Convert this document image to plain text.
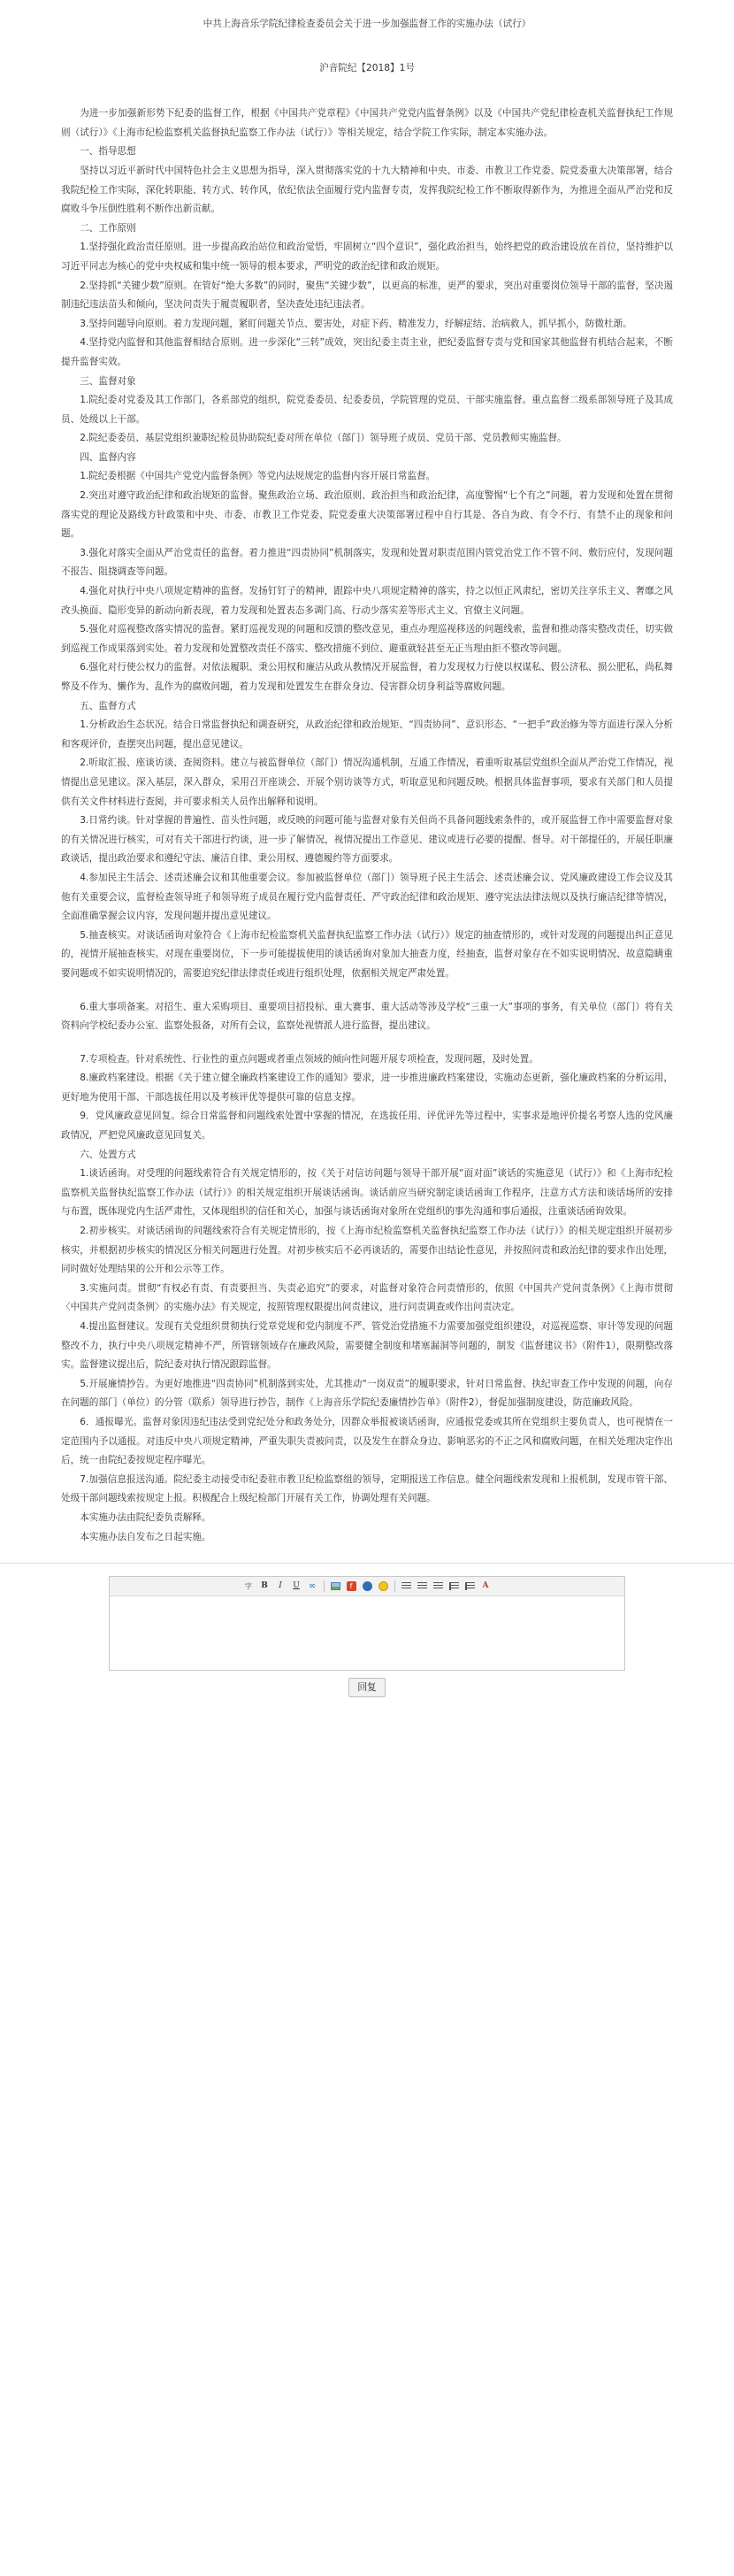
中共上海音乐学院纪律检查委员会关于进一步加强监督工作的实施办法（试行）
沪音院纪【2018】1号

为进一步加强新形势下纪委的监督工作，根据《中国共产党章程》《中国共产党党内监督条例》以及《中国共产党纪律检查机关监督执纪工作规则（试行）》《上海市纪检监察机关监督执纪监察工作办法（试行）》等相关规定，结合学院工作实际，制定本实施办法。

一、指导思想

坚持以习近平新时代中国特色社会主义思想为指导，深入贯彻落实党的十九大精神和中央、市委、市教卫工作党委、院党委重大决策部署，结合我院纪检工作实际，深化转职能、转方式、转作风，依纪依法全面履行党内监督专责，发挥我院纪检工作不断取得新作为，为推进全面从严治党和反腐败斗争压倒性胜利不断作出新贡献。

二、工作原则

1.坚持强化政治责任原则。进一步提高政治站位和政治觉悟，牢固树立“四个意识”，强化政治担当，始终把党的政治建设放在首位，坚持维护以习近平同志为核心的党中央权威和集中统一领导的根本要求，严明党的政治纪律和政治规矩。

2.坚持抓“关键少数”原则。在管好“绝大多数”的同时，聚焦“关键少数”，以更高的标准，更严的要求，突出对重要岗位领导干部的监督，坚决遏制违纪违法苗头和倾向，坚决问责失于履责履职者，坚决查处违纪违法者。

3.坚持问题导向原则。着力发现问题，紧盯问题关节点、要害处，对症下药、精准发力，纾解症结、治病救人，抓早抓小，防微杜渐。

4.坚持党内监督和其他监督相结合原则。进一步深化“三转”成效，突出纪委主责主业，把纪委监督专责与党和国家其他监督有机结合起来，不断提升监督实效。

三、监督对象

1.院纪委对党委及其工作部门，各系部党的组织，院党委委员、纪委委员，学院管理的党员、干部实施监督。重点监督二级系部领导班子及其成员、处级以上干部。

2.院纪委委员、基层党组织兼职纪检员协助院纪委对所在单位（部门）领导班子成员、党员干部、党员教师实施监督。

四、监督内容

1.院纪委根据《中国共产党党内监督条例》等党内法规规定的监督内容开展日常监督。

2.突出对遵守政治纪律和政治规矩的监督。聚焦政治立场、政治原则、政治担当和政治纪律，高度警惕“七个有之”问题，着力发现和处置在贯彻落实党的理论及路线方针政策和中央、市委、市教卫工作党委、院党委重大决策部署过程中自行其是、各自为政、有令不行、有禁不止的现象和问题。

3.强化对落实全面从严治党责任的监督。着力推进“四责协同”机制落实，发现和处置对职责范围内管党治党工作不管不问、敷衍应付，发现问题不报告、阻挠调查等问题。

4.强化对执行中央八项规定精神的监督。发扬钉钉子的精神，跟踪中央八项规定精神的落实，持之以恒正风肃纪，密切关注享乐主义、奢靡之风改头换面、隐形变异的新动向新表现，着力发现和处置表态多调门高、行动少落实差等形式主义、官僚主义问题。

5.强化对巡视整改落实情况的监督。紧盯巡视发现的问题和反馈的整改意见，重点办理巡视移送的问题线索，监督和推动落实整改责任，切实做到巡视工作成果落到实处。着力发现和处置整改责任不落实、整改措施不到位、避重就轻甚至无正当理由拒不整改等问题。

6.强化对行使公权力的监督。对依法履职、秉公用权和廉洁从政从教情况开展监督，着力发现权力行使以权谋私、假公济私、损公肥私，尚私舞弊及不作为、懒作为、乱作为的腐败问题，着力发现和处置发生在群众身边、侵害群众切身利益等腐败问题。

五、监督方式

1.分析政治生态状况。结合日常监督执纪和调查研究，从政治纪律和政治规矩、“四责协同”、意识形态、“一把手”政治修为等方面进行深入分析和客观评价，查摆突出问题，提出意见建议。

2.听取汇报、座谈访谈、查阅资料。建立与被监督单位（部门）情况沟通机制，互通工作情况，着重听取基层党组织全面从严治党工作情况，视情提出意见建议。深入基层，深入群众，采用召开座谈会、开展个别访谈等方式，听取意见和问题反映。根据具体监督事项，要求有关部门和人员提供有关文件材料进行查阅，并可要求相关人员作出解释和说明。

3.日常约谈。针对掌握的普遍性、苗头性问题，或反映的问题可能与监督对象有关但尚不具备问题线索条件的，或开展监督工作中需要监督对象的有关情况进行核实，可对有关干部进行约谈，进一步了解情况，视情况提出工作意见、建议或进行必要的提醒、督导。对干部提任的，开展任职廉政谈话，提出政治要求和遵纪守法、廉洁自律、秉公用权、遵德履约等方面要求。

4.参加民主生活会、述责述廉会议和其他重要会议。参加被监督单位（部门）领导班子民主生活会、述责述廉会议、党风廉政建设工作会议及其他有关重要会议，监督检查领导班子和领导班子成员在履行党内监督责任、严守政治纪律和政治规矩、遵守宪法法律法规以及执行廉洁纪律等情况，全面准确掌握会议内容，发现问题并提出意见建议。

5.抽查核实。对谈话函询对象符合《上海市纪检监察机关监督执纪监察工作办法（试行）》规定的抽查情形的，或针对发现的问题提出纠正意见的，视情开展抽查核实。对现在重要岗位，下一步可能提拔使用的谈话函询对象加大抽查力度，经抽查，监督对象存在不如实说明情况、故意隐瞒重要问题或不如实说明情况的，需要追究纪律法律责任或进行组织处理，依据相关规定严肃处置。

6.重大事项备案。对招生、重大采购项目、重要项目招投标、重大赛事、重大活动等涉及学校“三重一大”事项的事务，有关单位（部门）将有关资料向学校纪委办公室、监察处报备，对所有会议，监察处视情派人进行监督，提出建议。

7.专项检查。针对系统性、行业性的重点问题或者重点领域的倾向性问题开展专项检查，发现问题，及时处置。

8.廉政档案建设。根据《关于建立健全廉政档案建设工作的通知》要求，进一步推进廉政档案建设，实施动态更新，强化廉政档案的分析运用，更好地为使用干部、干部选拔任用以及考核评优等提供可靠的信息支撑。

9．党风廉政意见回复。综合日常监督和问题线索处置中掌握的情况，在选拔任用、评优评先等过程中，实事求是地评价提名考察人选的党风廉政情况，严把党风廉政意见回复关。

六、处置方式

1.谈话函询。对受理的问题线索符合有关规定情形的，按《关于对信访问题与领导干部开展“面对面”谈话的实施意见（试行）》和《上海市纪检监察机关监督执纪监察工作办法（试行）》的相关规定组织开展谈话函询。谈话前应当研究制定谈话函询工作程序，注意方式方法和谈话场所的安排与布置，既体现党内生活严肃性，又体现组织的信任和关心，加强与谈话函询对象所在党组织的事先沟通和事后通报，注重谈话函询效果。

2.初步核实。对谈话函询的问题线索符合有关规定情形的，按《上海市纪检监察机关监督执纪监察工作办法（试行）》的相关规定组织开展初步核实，并根据初步核实的情况区分相关问题进行处置。对初步核实后不必再谈话的，需要作出结论性意见，并按照问责和政治纪律的要求作出处理，同时做好处理结果的公开和公示等工作。

3.实施问责。贯彻“有权必有责、有责要担当、失责必追究”的要求，对监督对象符合问责情形的，依照《中国共产党问责条例》《上海市贯彻〈中国共产党问责条例〉的实施办法》有关规定，按照管理权限提出问责建议，进行问责调查或作出问责决定。

4.提出监督建议。发现有关党组织贯彻执行党章党规和党内制度不严、管党治党措施不力需要加强党组织建设，对巡视巡察、审计等发现的问题整改不力，执行中央八项规定精神不严，所管辖领域存在廉政风险，需要健全制度和堵塞漏洞等问题的，制发《监督建议书》（附件1），限期整改落实。监督建议提出后，院纪委对执行情况跟踪监督。

5.开展廉情抄告。为更好地推进“四责协同”机制落到实处，尤其推动“一岗双责”的履职要求，针对日常监督、执纪审查工作中发现的问题，向存在问题的部门（单位）的分管（联系）领导进行抄告，制作《上海音乐学院纪委廉情抄告单》（附件2），督促加强制度建设，防范廉政风险。

6．通报曝光。监督对象因违纪违法受到党纪处分和政务处分，因群众举报被谈话函询，应通报党委或其所在党组织主要负责人，也可视情在一定范围内予以通报。对违反中央八项规定精神，严重失职失责被问责，以及发生在群众身边、影响恶劣的不正之风和腐败问题，在相关处理决定作出后，统一由院纪委按规定程序曝光。

7.加强信息报送沟通。院纪委主动接受市纪委驻市教卫纪检监察组的领导，定期报送工作信息。健全问题线索发现和上报机制，发现市管干部、处级干部问题线索按规定上报。积极配合上级纪检部门开展有关工作，协调处理有关问题。

本实施办法由院纪委负责解释。

本实施办法自发布之日起实施。

字	B	I	U	∞	f	A
回复
